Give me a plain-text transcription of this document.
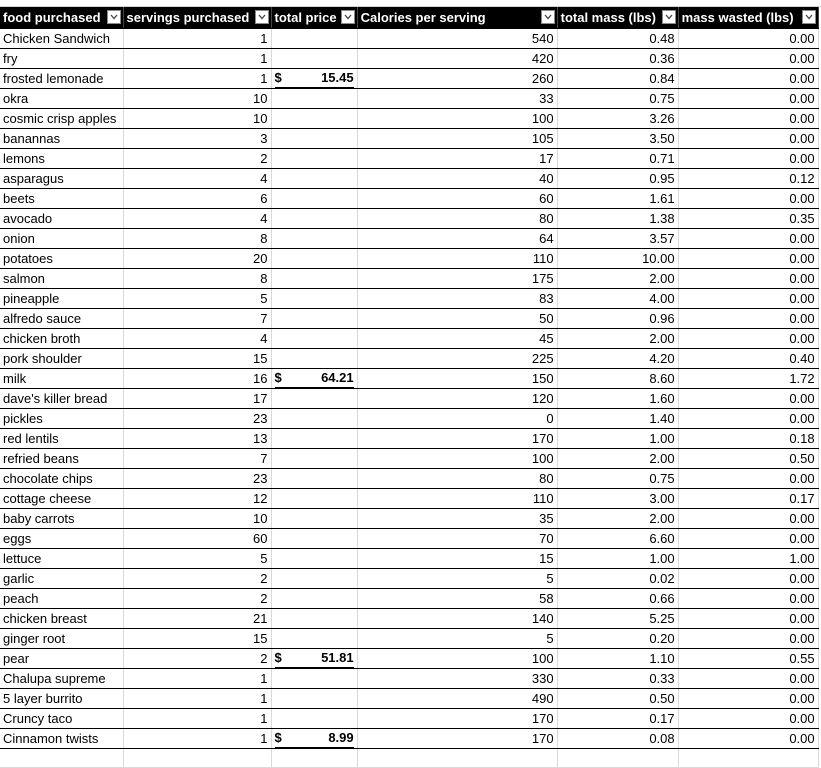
food purchased	servings purchased	total price	Calories per serving	total mass (lbs)	mass wasted (lbs)

Chicken Sandwich	1		540	0.48	0.00
fry	1		420	0.36	0.00
frosted lemonade	1	$ 15.45	260	0.84	0.00
okra	10		33	0.75	0.00
cosmic crisp apples	10		100	3.26	0.00
banannas	3		105	3.50	0.00
lemons	2		17	0.71	0.00
asparagus	4		40	0.95	0.12
beets	6		60	1.61	0.00
avocado	4		80	1.38	0.35
onion	8		64	3.57	0.00
potatoes	20		110	10.00	0.00
salmon	8		175	2.00	0.00
pineapple	5		83	4.00	0.00
alfredo sauce	7		50	0.96	0.00
chicken broth	4		45	2.00	0.00
pork shoulder	15		225	4.20	0.40
milk	16	$ 64.21	150	8.60	1.72
dave's killer bread	17		120	1.60	0.00
pickles	23		0	1.40	0.00
red lentils	13		170	1.00	0.18
refried beans	7		100	2.00	0.50
chocolate chips	23		80	0.75	0.00
cottage cheese	12		110	3.00	0.17
baby carrots	10		35	2.00	0.00
eggs	60		70	6.60	0.00
lettuce	5		15	1.00	1.00
garlic	2		5	0.02	0.00
peach	2		58	0.66	0.00
chicken breast	21		140	5.25	0.00
ginger root	15		5	0.20	0.00
pear	2	$ 51.81	100	1.10	0.55
Chalupa supreme	1		330	0.33	0.00
5 layer burrito	1		490	0.50	0.00
Cruncy taco	1		170	0.17	0.00
Cinnamon twists	1	$ 8.99	170	0.08	0.00
